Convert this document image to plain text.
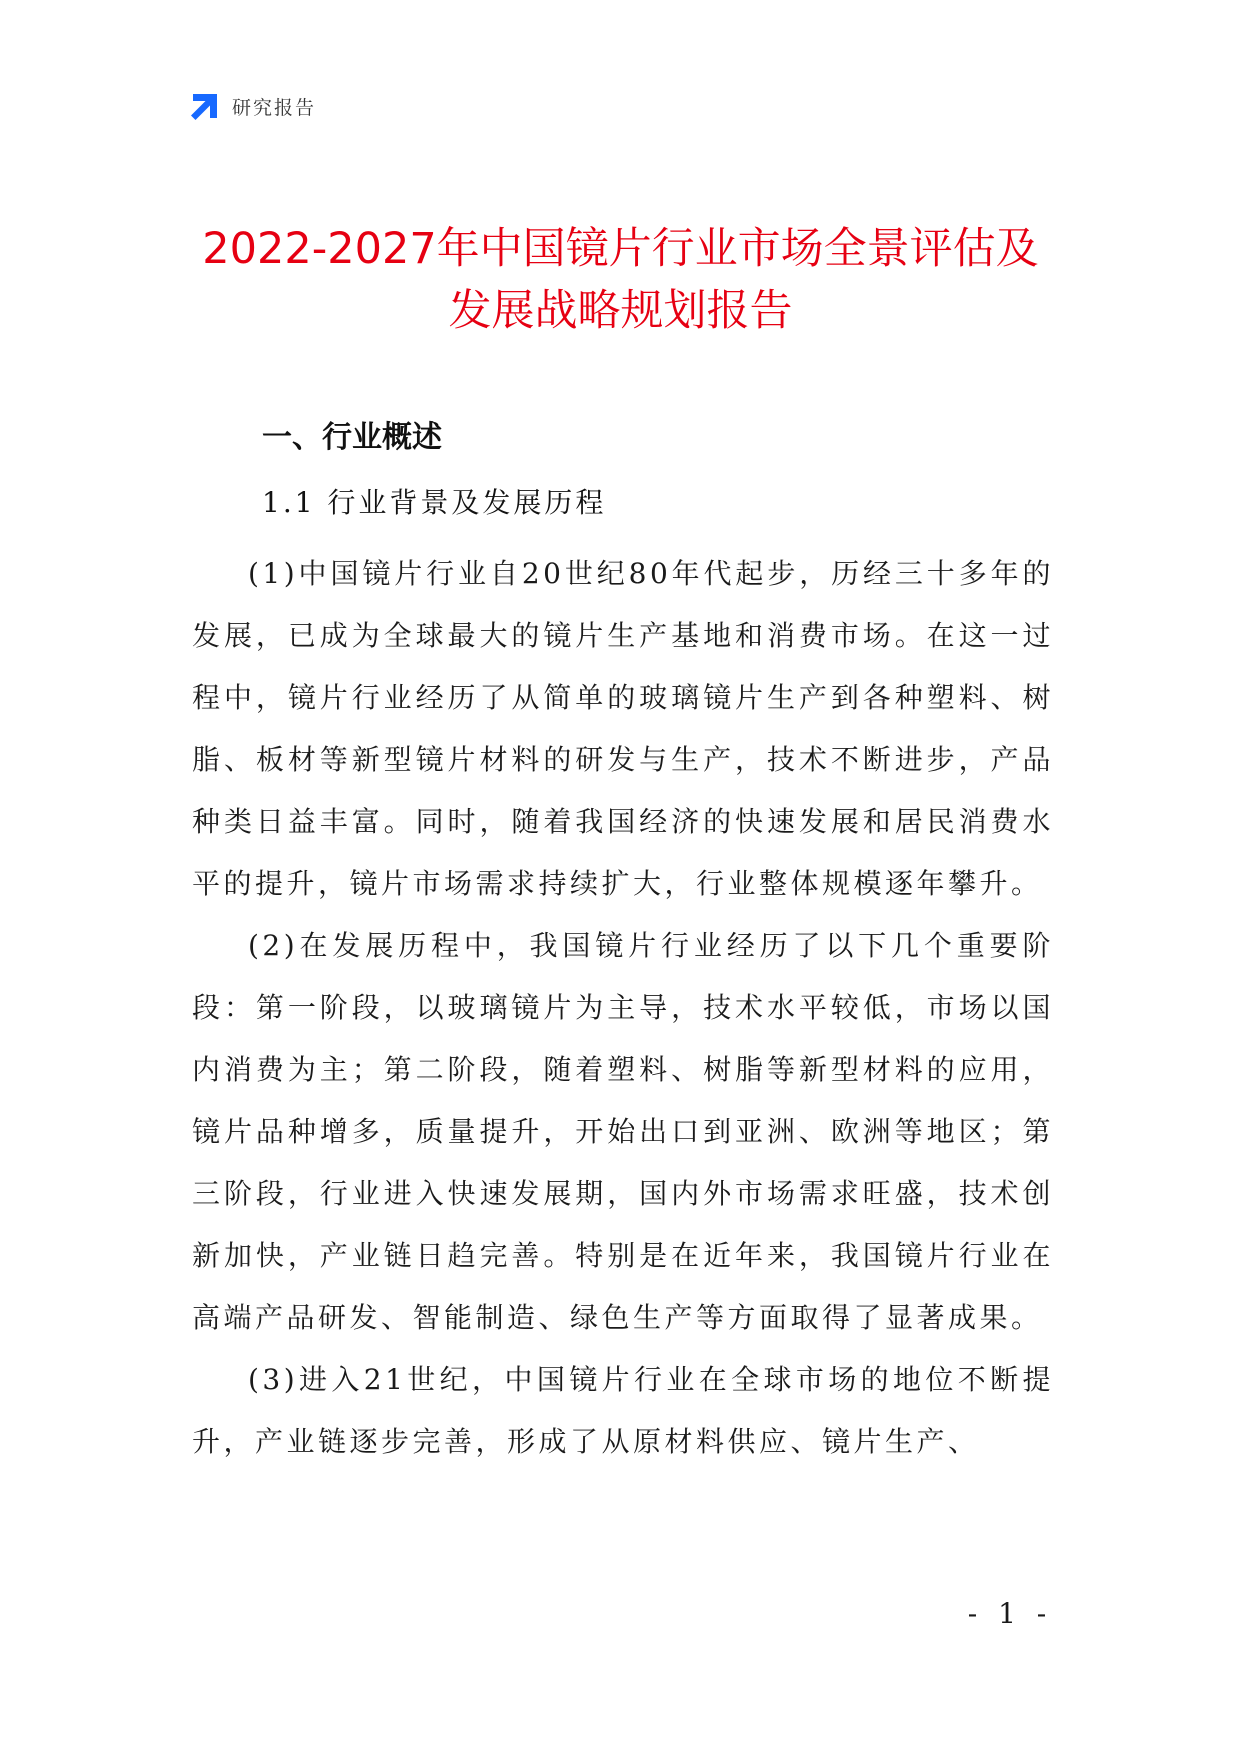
研究报告
2022-2027年中国镜片行业市场全景评估及
发展战略规划报告
一、行业概述
1.1 行业背景及发展历程

(1)中国镜片行业自20世纪80年代起步，历经三十多年的发展，已成为全球最大的镜片生产基地和消费市场。在这一过程中，镜片行业经历了从简单的玻璃镜片生产到各种塑料、树脂、板材等新型镜片材料的研发与生产，技术不断进步，产品种类日益丰富。同时，随着我国经济的快速发展和居民消费水平的提升，镜片市场需求持续扩大，行业整体规模逐年攀升。

(2)在发展历程中，我国镜片行业经历了以下几个重要阶段：第一阶段，以玻璃镜片为主导，技术水平较低，市场以国内消费为主；第二阶段，随着塑料、树脂等新型材料的应用，镜片品种增多，质量提升，开始出口到亚洲、欧洲等地区；第三阶段，行业进入快速发展期，国内外市场需求旺盛，技术创新加快，产业链日趋完善。特别是在近年来，我国镜片行业在高端产品研发、智能制造、绿色生产等方面取得了显著成果。

(3)进入21世纪，中国镜片行业在全球市场的地位不断提升，产业链逐步完善，形成了从原材料供应、镜片生产、

- 1 -
